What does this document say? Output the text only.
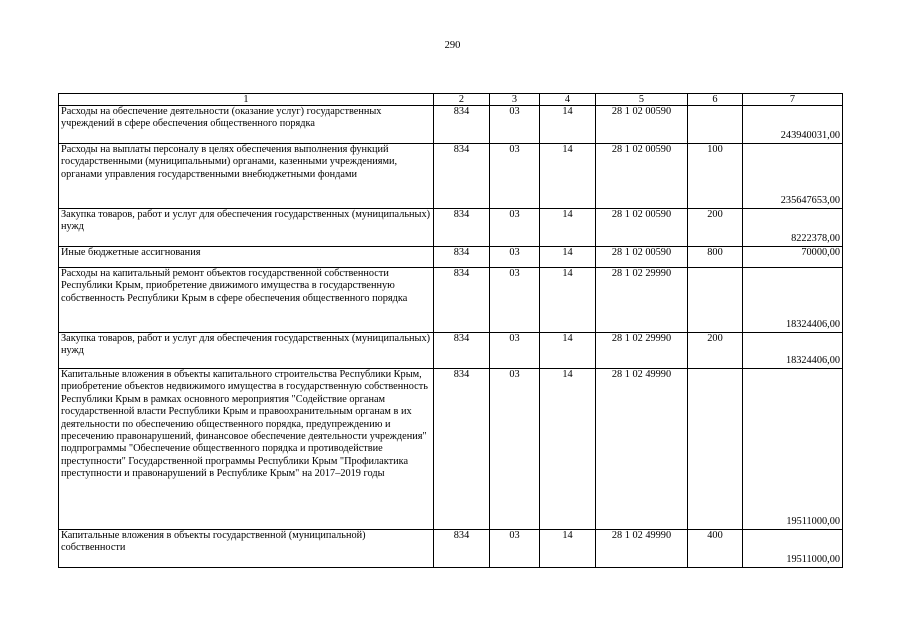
290
1	2	3	4	5	6	7
Расходы на обеспечение деятельности (оказание услуг) государственных учреждений в сфере обеспечения общественного порядка	834	03	14	28 1 02 00590		243940031,00
Расходы на выплаты персоналу в целях обеспечения выполнения функций государственными (муниципальными) органами, казенными учреждениями, органами управления государственными внебюджетными фондами	834	03	14	28 1 02 00590	100	235647653,00
Закупка товаров, работ и услуг для обеспечения государственных (муниципальных) нужд	834	03	14	28 1 02 00590	200	8222378,00
Иные бюджетные ассигнования	834	03	14	28 1 02 00590	800	70000,00
Расходы на капитальный ремонт объектов государственной собственности Республики Крым, приобретение движимого имущества в государственную собственность Республики Крым в сфере обеспечения общественного порядка	834	03	14	28 1 02 29990		18324406,00
Закупка товаров, работ и услуг для обеспечения государственных (муниципальных) нужд	834	03	14	28 1 02 29990	200	18324406,00
Капитальные вложения в объекты капитального строительства Республики Крым, приобретение объектов недвижимого имущества в государственную собственность Республики Крым в рамках основного мероприятия "Содействие органам государственной власти Республики Крым и правоохранительным органам в их деятельности по обеспечению общественного порядка, предупреждению и пресечению правонарушений, финансовое обеспечение деятельности учреждения" подпрограммы "Обеспечение общественного порядка и противодействие преступности" Государственной программы Республики Крым "Профилактика преступности и правонарушений в Республике Крым" на 2017–2019 годы	834	03	14	28 1 02 49990		19511000,00
Капитальные вложения в объекты государственной (муниципальной) собственности	834	03	14	28 1 02 49990	400	19511000,00
